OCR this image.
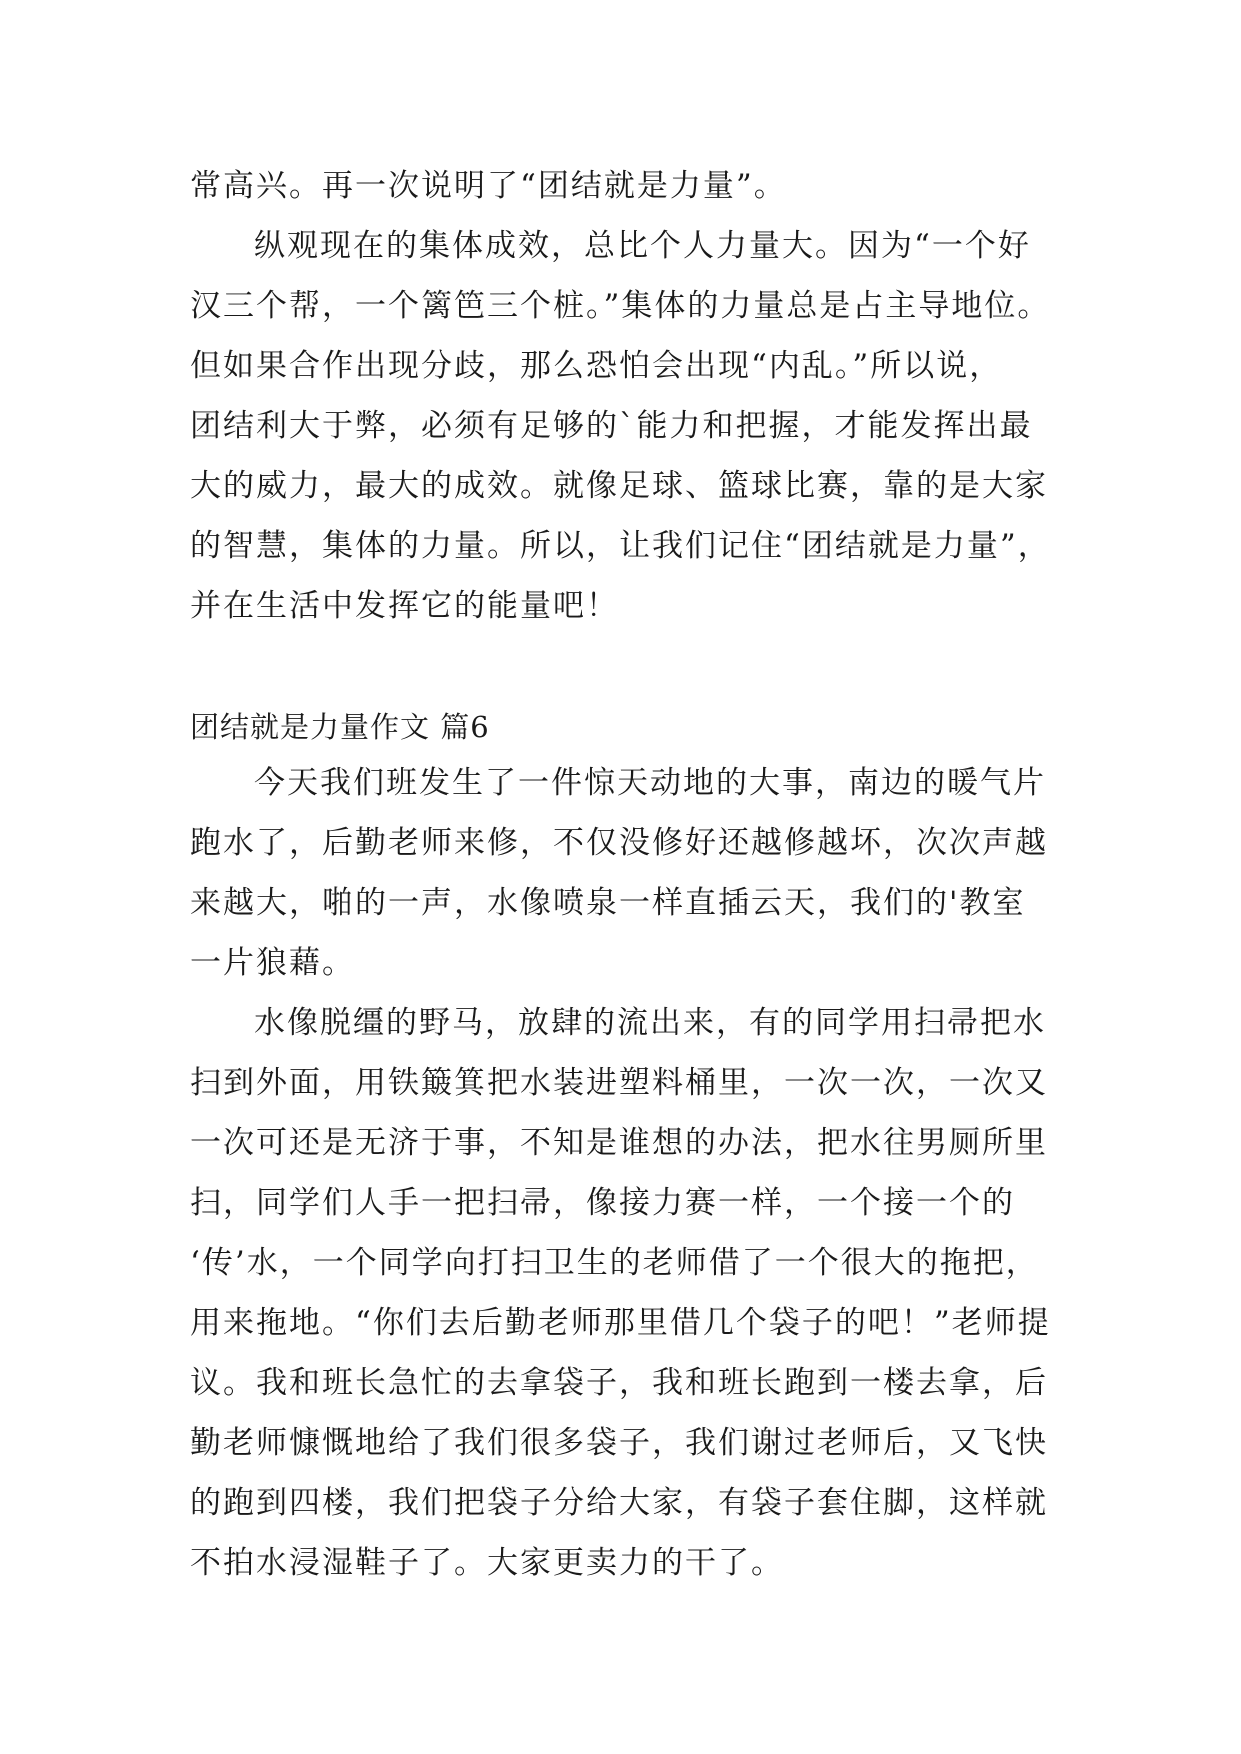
常高兴。再一次说明了“团结就是力量”。
纵观现在的集体成效，总比个人力量大。因为“一个好
汉三个帮，一个篱笆三个桩。”集体的力量总是占主导地位。
但如果合作出现分歧，那么恐怕会出现“内乱。”所以说，
团结利大于弊，必须有足够的`能力和把握，才能发挥出最
大的威力，最大的成效。就像足球、篮球比赛，靠的是大家
的智慧，集体的力量。所以，让我们记住“团结就是力量”，
并在生活中发挥它的能量吧！
团结就是力量作文 篇6
今天我们班发生了一件惊天动地的大事，南边的暖气片
跑水了，后勤老师来修，不仅没修好还越修越坏，次次声越
来越大，啪的一声，水像喷泉一样直插云天，我们的'教室
一片狼藉。
水像脱缰的野马，放肆的流出来，有的同学用扫帚把水
扫到外面，用铁簸箕把水装进塑料桶里，一次一次，一次又
一次可还是无济于事，不知是谁想的办法，把水往男厕所里
扫，同学们人手一把扫帚，像接力赛一样，一个接一个的
‘传’水，一个同学向打扫卫生的老师借了一个很大的拖把，
用来拖地。“你们去后勤老师那里借几个袋子的吧！”老师提
议。我和班长急忙的去拿袋子，我和班长跑到一楼去拿，后
勤老师慷慨地给了我们很多袋子，我们谢过老师后，又飞快
的跑到四楼，我们把袋子分给大家，有袋子套住脚，这样就
不拍水浸湿鞋子了。大家更卖力的干了。
